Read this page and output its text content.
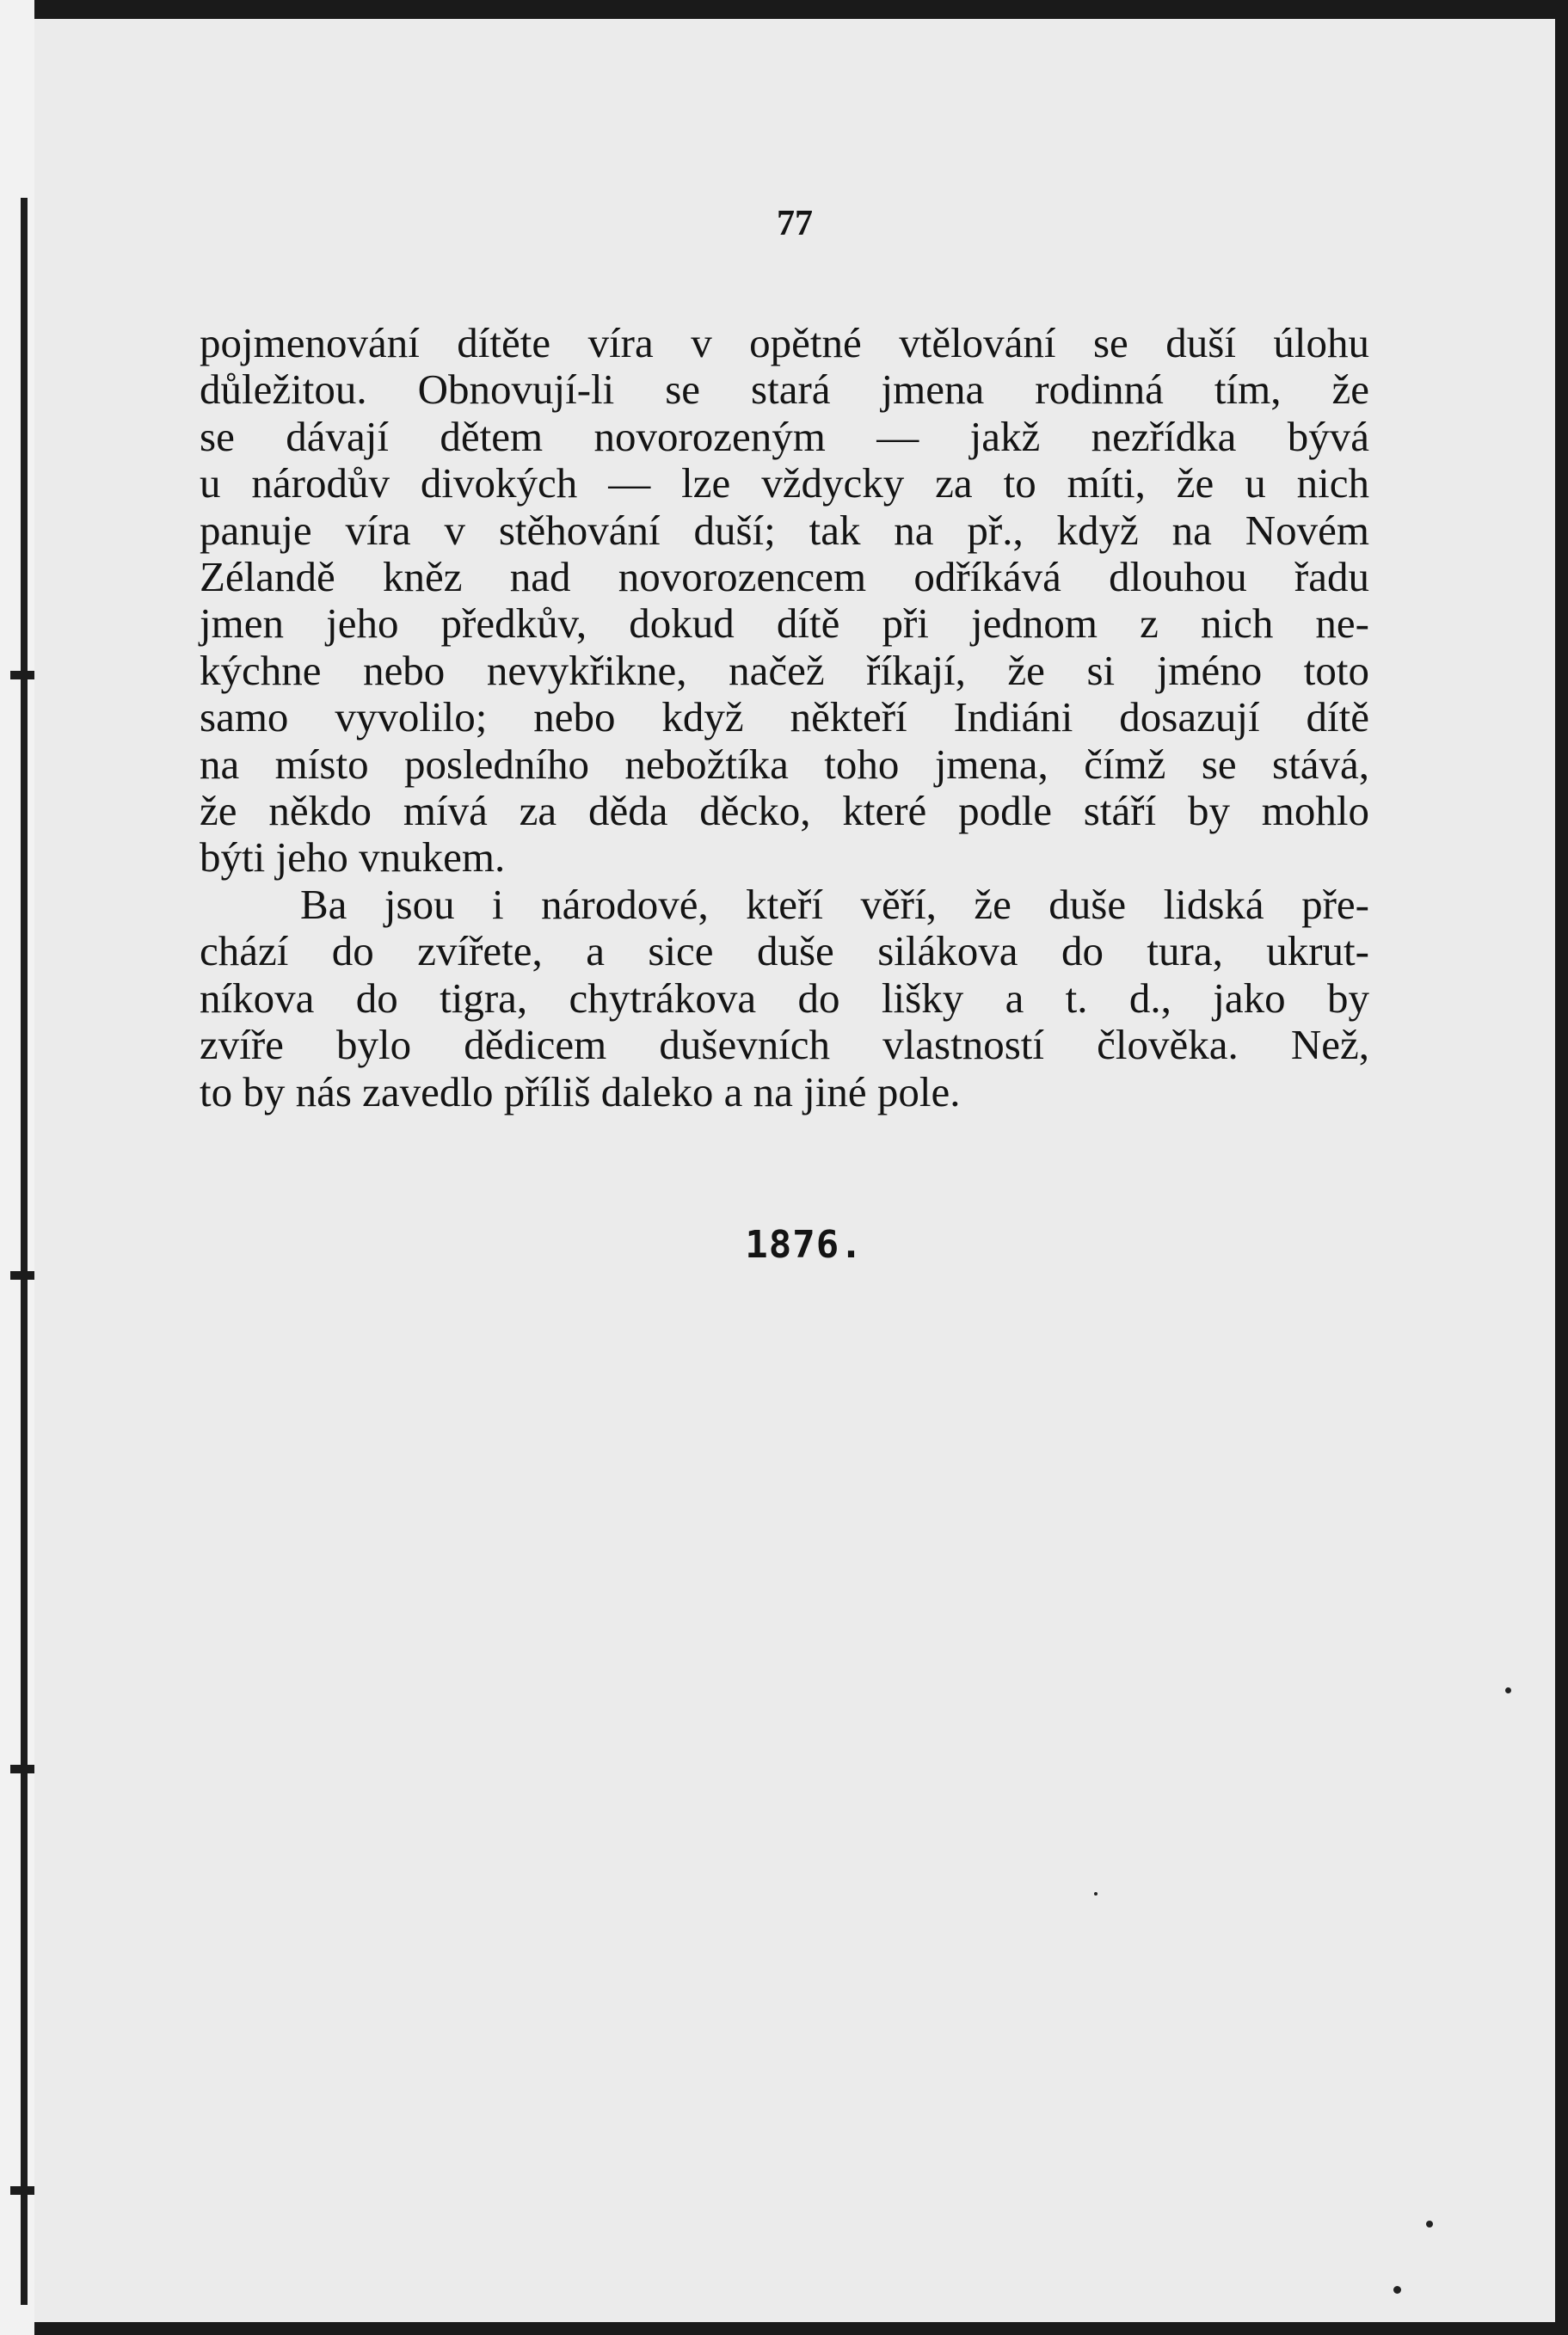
77
pojmenování dítěte víra v opětné vtělování se duší úlohu
důležitou. Obnovují-li se stará jmena rodinná tím, že
se dávají dětem novorozeným — jakž nezřídka bývá
u národův divokých — lze vždycky za to míti, že u nich
panuje víra v stěhování duší; tak na př., když na Novém
Zélandě kněz nad novorozencem odříkává dlouhou řadu
jmen jeho předkův, dokud dítě při jednom z nich ne-
kýchne nebo nevykřikne, načež říkají, že si jméno toto
samo vyvolilo; nebo když někteří Indiáni dosazují dítě
na místo posledního nebožtíka toho jmena, čímž se stává,
že někdo mívá za děda děcko, které podle stáří by mohlo
býti jeho vnukem.
Ba jsou i národové, kteří věří, že duše lidská pře-
chází do zvířete, a sice duše silákova do tura, ukrut-
níkova do tigra, chytrákova do lišky a t. d., jako by
zvíře bylo dědicem duševních vlastností člověka. Než,
to by nás zavedlo příliš daleko a na jiné pole.
1876.
